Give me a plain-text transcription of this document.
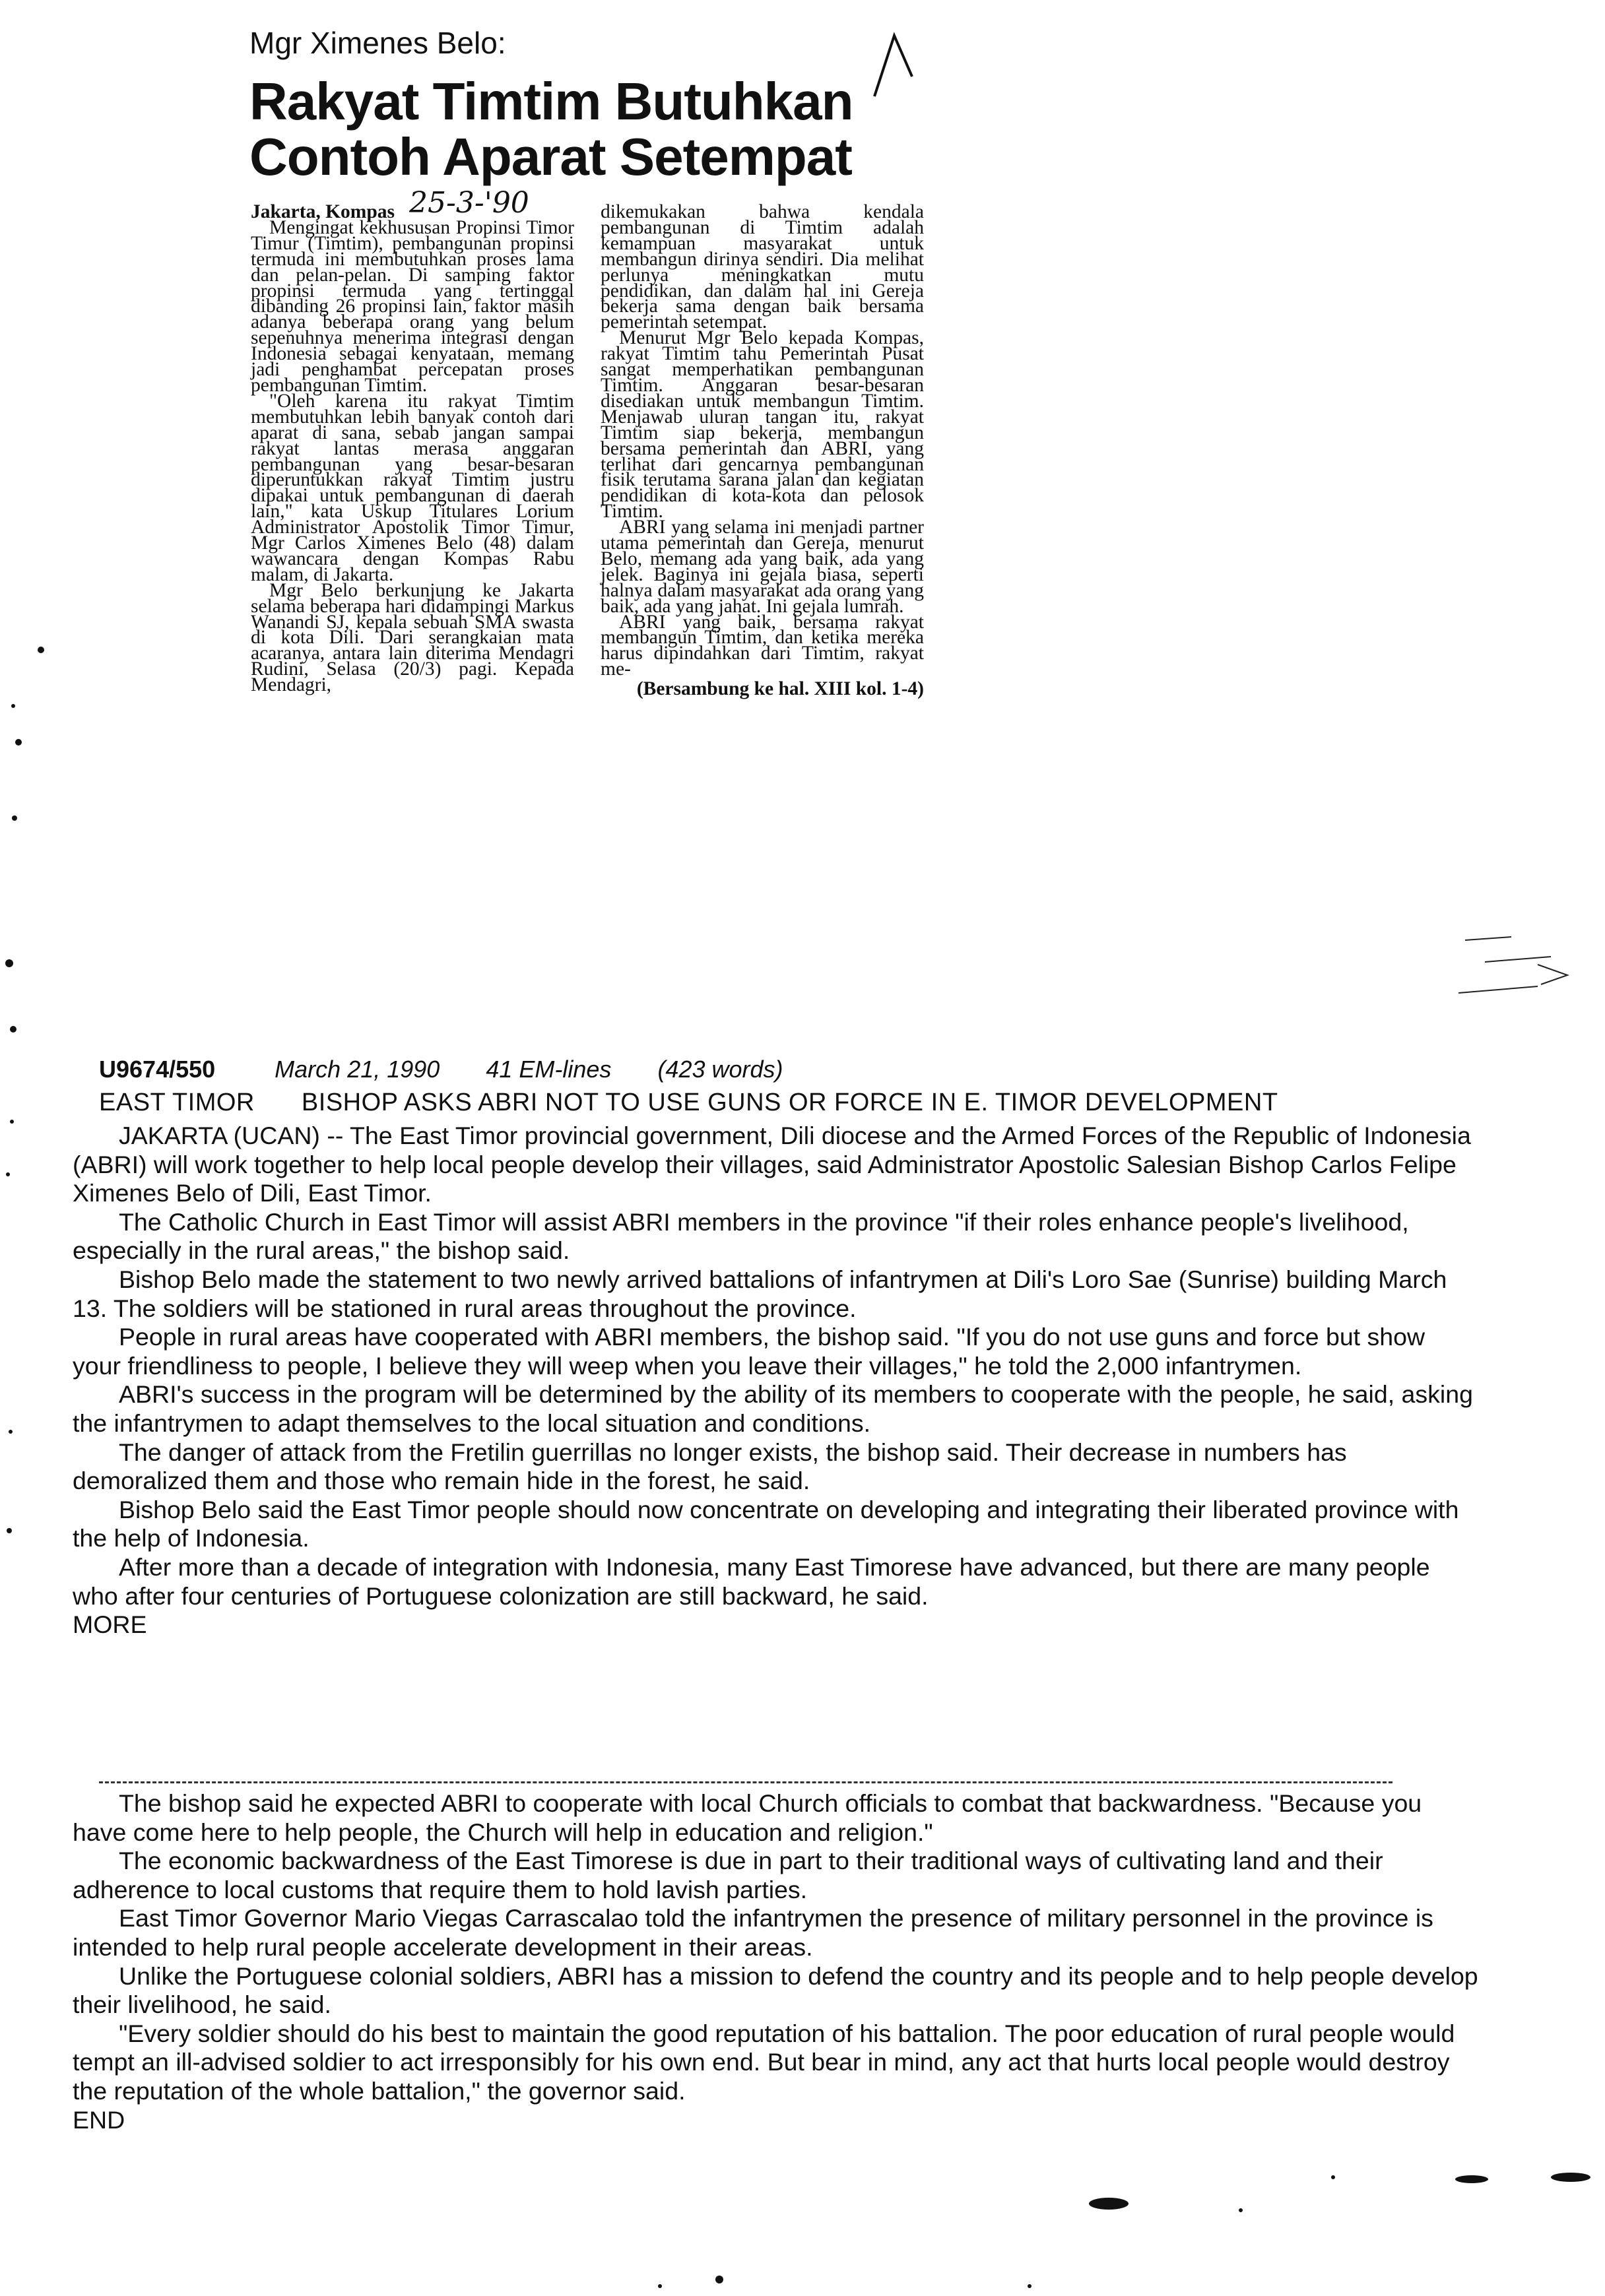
Mgr Ximenes Belo:
Rakyat Timtim Butuhkan
Contoh Aparat Setempat
25-3-'90

Jakarta, Kompas

Mengingat kekhususan Propinsi Timor Timur (Timtim), pembangunan propinsi termuda ini membutuhkan proses lama dan pelan-pelan. Di samping faktor propinsi termuda yang tertinggal dibanding 26 propinsi lain, faktor masih adanya beberapa orang yang belum sepenuhnya menerima integrasi dengan Indonesia sebagai kenyataan, memang jadi penghambat percepatan proses pembangunan Timtim.

"Oleh karena itu rakyat Timtim membutuhkan lebih banyak contoh dari aparat di sana, sebab jangan sampai rakyat lantas merasa anggaran pembangunan yang besar-besaran diperuntukkan rakyat Timtim justru dipakai untuk pembangunan di daerah lain," kata Uskup Titulares Lorium Administrator Apostolik Timor Timur, Mgr Carlos Ximenes Belo (48) dalam wawancara dengan Kompas Rabu malam, di Jakarta.

Mgr Belo berkunjung ke Jakarta selama beberapa hari didampingi Markus Wanandi SJ, kepala sebuah SMA swasta di kota Dili. Dari serangkaian mata acaranya, antara lain diterima Mendagri Rudini, Selasa (20/3) pagi. Kepada Mendagri,

dikemukakan bahwa kendala pembangunan di Timtim adalah kemampuan masyarakat untuk membangun dirinya sendiri. Dia melihat perlunya meningkatkan mutu pendidikan, dan dalam hal ini Gereja bekerja sama dengan baik bersama pemerintah setempat.

Menurut Mgr Belo kepada Kompas, rakyat Timtim tahu Pemerintah Pusat sangat memperhatikan pembangunan Timtim. Anggaran besar-besaran disediakan untuk membangun Timtim. Menjawab uluran tangan itu, rakyat Timtim siap bekerja, membangun bersama pemerintah dan ABRI, yang terlihat dari gencarnya pembangunan fisik terutama sarana jalan dan kegiatan pendidikan di kota-kota dan pelosok Timtim.

ABRI yang selama ini menjadi partner utama pemerintah dan Gereja, menurut Belo, memang ada yang baik, ada yang jelek. Baginya ini gejala biasa, seperti halnya dalam masyarakat ada orang yang baik, ada yang jahat. Ini gejala lumrah.

ABRI yang baik, bersama rakyat membangun Timtim, dan ketika mereka harus dipindahkan dari Timtim, rakyat me-

(Bersambung ke hal. XIII kol. 1-4)
U9674/550	March 21, 1990 41 EM-lines (423 words)
EAST TIMOR BISHOP ASKS ABRI NOT TO USE GUNS OR FORCE IN E. TIMOR DEVELOPMENT

JAKARTA (UCAN) -- The East Timor provincial government, Dili diocese and the Armed Forces of the Republic of Indonesia (ABRI) will work together to help local people develop their villages, said Administrator Apostolic Salesian Bishop Carlos Felipe Ximenes Belo of Dili, East Timor.

The Catholic Church in East Timor will assist ABRI members in the province "if their roles enhance people's livelihood, especially in the rural areas," the bishop said.

Bishop Belo made the statement to two newly arrived battalions of infantrymen at Dili's Loro Sae (Sunrise) building March 13. The soldiers will be stationed in rural areas throughout the province.

People in rural areas have cooperated with ABRI members, the bishop said. "If you do not use guns and force but show your friendliness to people, I believe they will weep when you leave their villages," he told the 2,000 infantrymen.

ABRI's success in the program will be determined by the ability of its members to cooperate with the people, he said, asking the infantrymen to adapt themselves to the local situation and conditions.

The danger of attack from the Fretilin guerrillas no longer exists, the bishop said. Their decrease in numbers has demoralized them and those who remain hide in the forest, he said.

Bishop Belo said the East Timor people should now concentrate on developing and integrating their liberated province with the help of Indonesia.

After more than a decade of integration with Indonesia, many East Timorese have advanced, but there are many people who after four centuries of Portuguese colonization are still backward, he said.

MORE

The bishop said he expected ABRI to cooperate with local Church officials to combat that backwardness. "Because you have come here to help people, the Church will help in education and religion."

The economic backwardness of the East Timorese is due in part to their traditional ways of cultivating land and their adherence to local customs that require them to hold lavish parties.

East Timor Governor Mario Viegas Carrascalao told the infantrymen the presence of military personnel in the province is intended to help rural people accelerate development in their areas.

Unlike the Portuguese colonial soldiers, ABRI has a mission to defend the country and its people and to help people develop their livelihood, he said.

"Every soldier should do his best to maintain the good reputation of his battalion. The poor education of rural people would tempt an ill-advised soldier to act irresponsibly for his own end. But bear in mind, any act that hurts local people would destroy the reputation of the whole battalion," the governor said.

END
